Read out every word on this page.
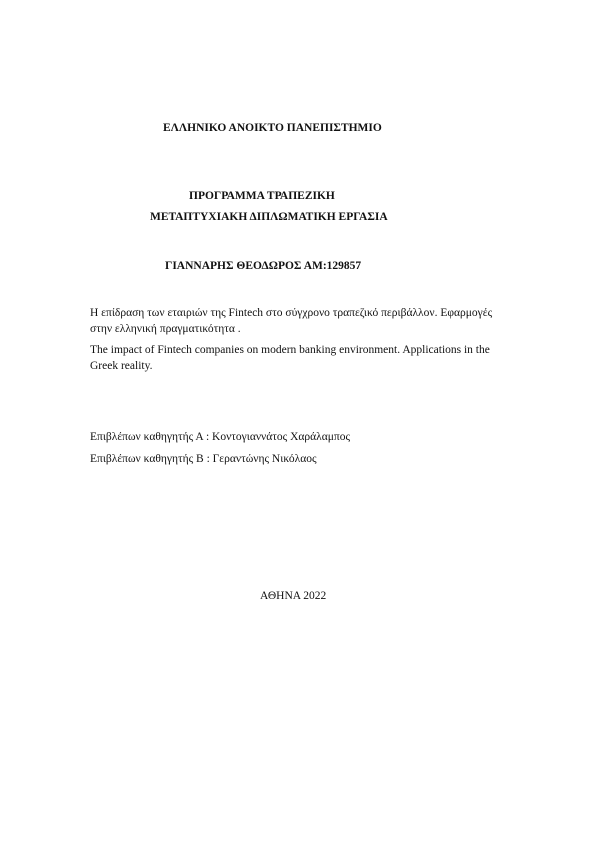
ΕΛΛΗΝΙΚΟ ΑΝΟΙΚΤΟ ΠΑΝΕΠΙΣΤΗΜΙΟ
ΠΡΟΓΡΑΜΜΑ ΤΡΑΠΕΖΙΚΗ
ΜΕΤΑΠΤΥΧΙΑΚΗ ΔΙΠΛΩΜΑΤΙΚΗ ΕΡΓΑΣΙΑ
ΓΙΑΝΝΑΡΗΣ ΘΕΟΔΩΡΟΣ ΑΜ:129857
Η επίδραση των εταιριών της Fintech στο σύγχρονο τραπεζικό περιβάλλον. Εφαρμογές στην ελληνική πραγματικότητα .
The impact of Fintech companies on modern banking environment. Applications in the Greek reality.
Επιβλέπων καθηγητής Α : Κοντογιαννάτος Χαράλαμπος
Επιβλέπων καθηγητής Β : Γεραντώνης Νικόλαος
ΑΘΗΝΑ 2022
